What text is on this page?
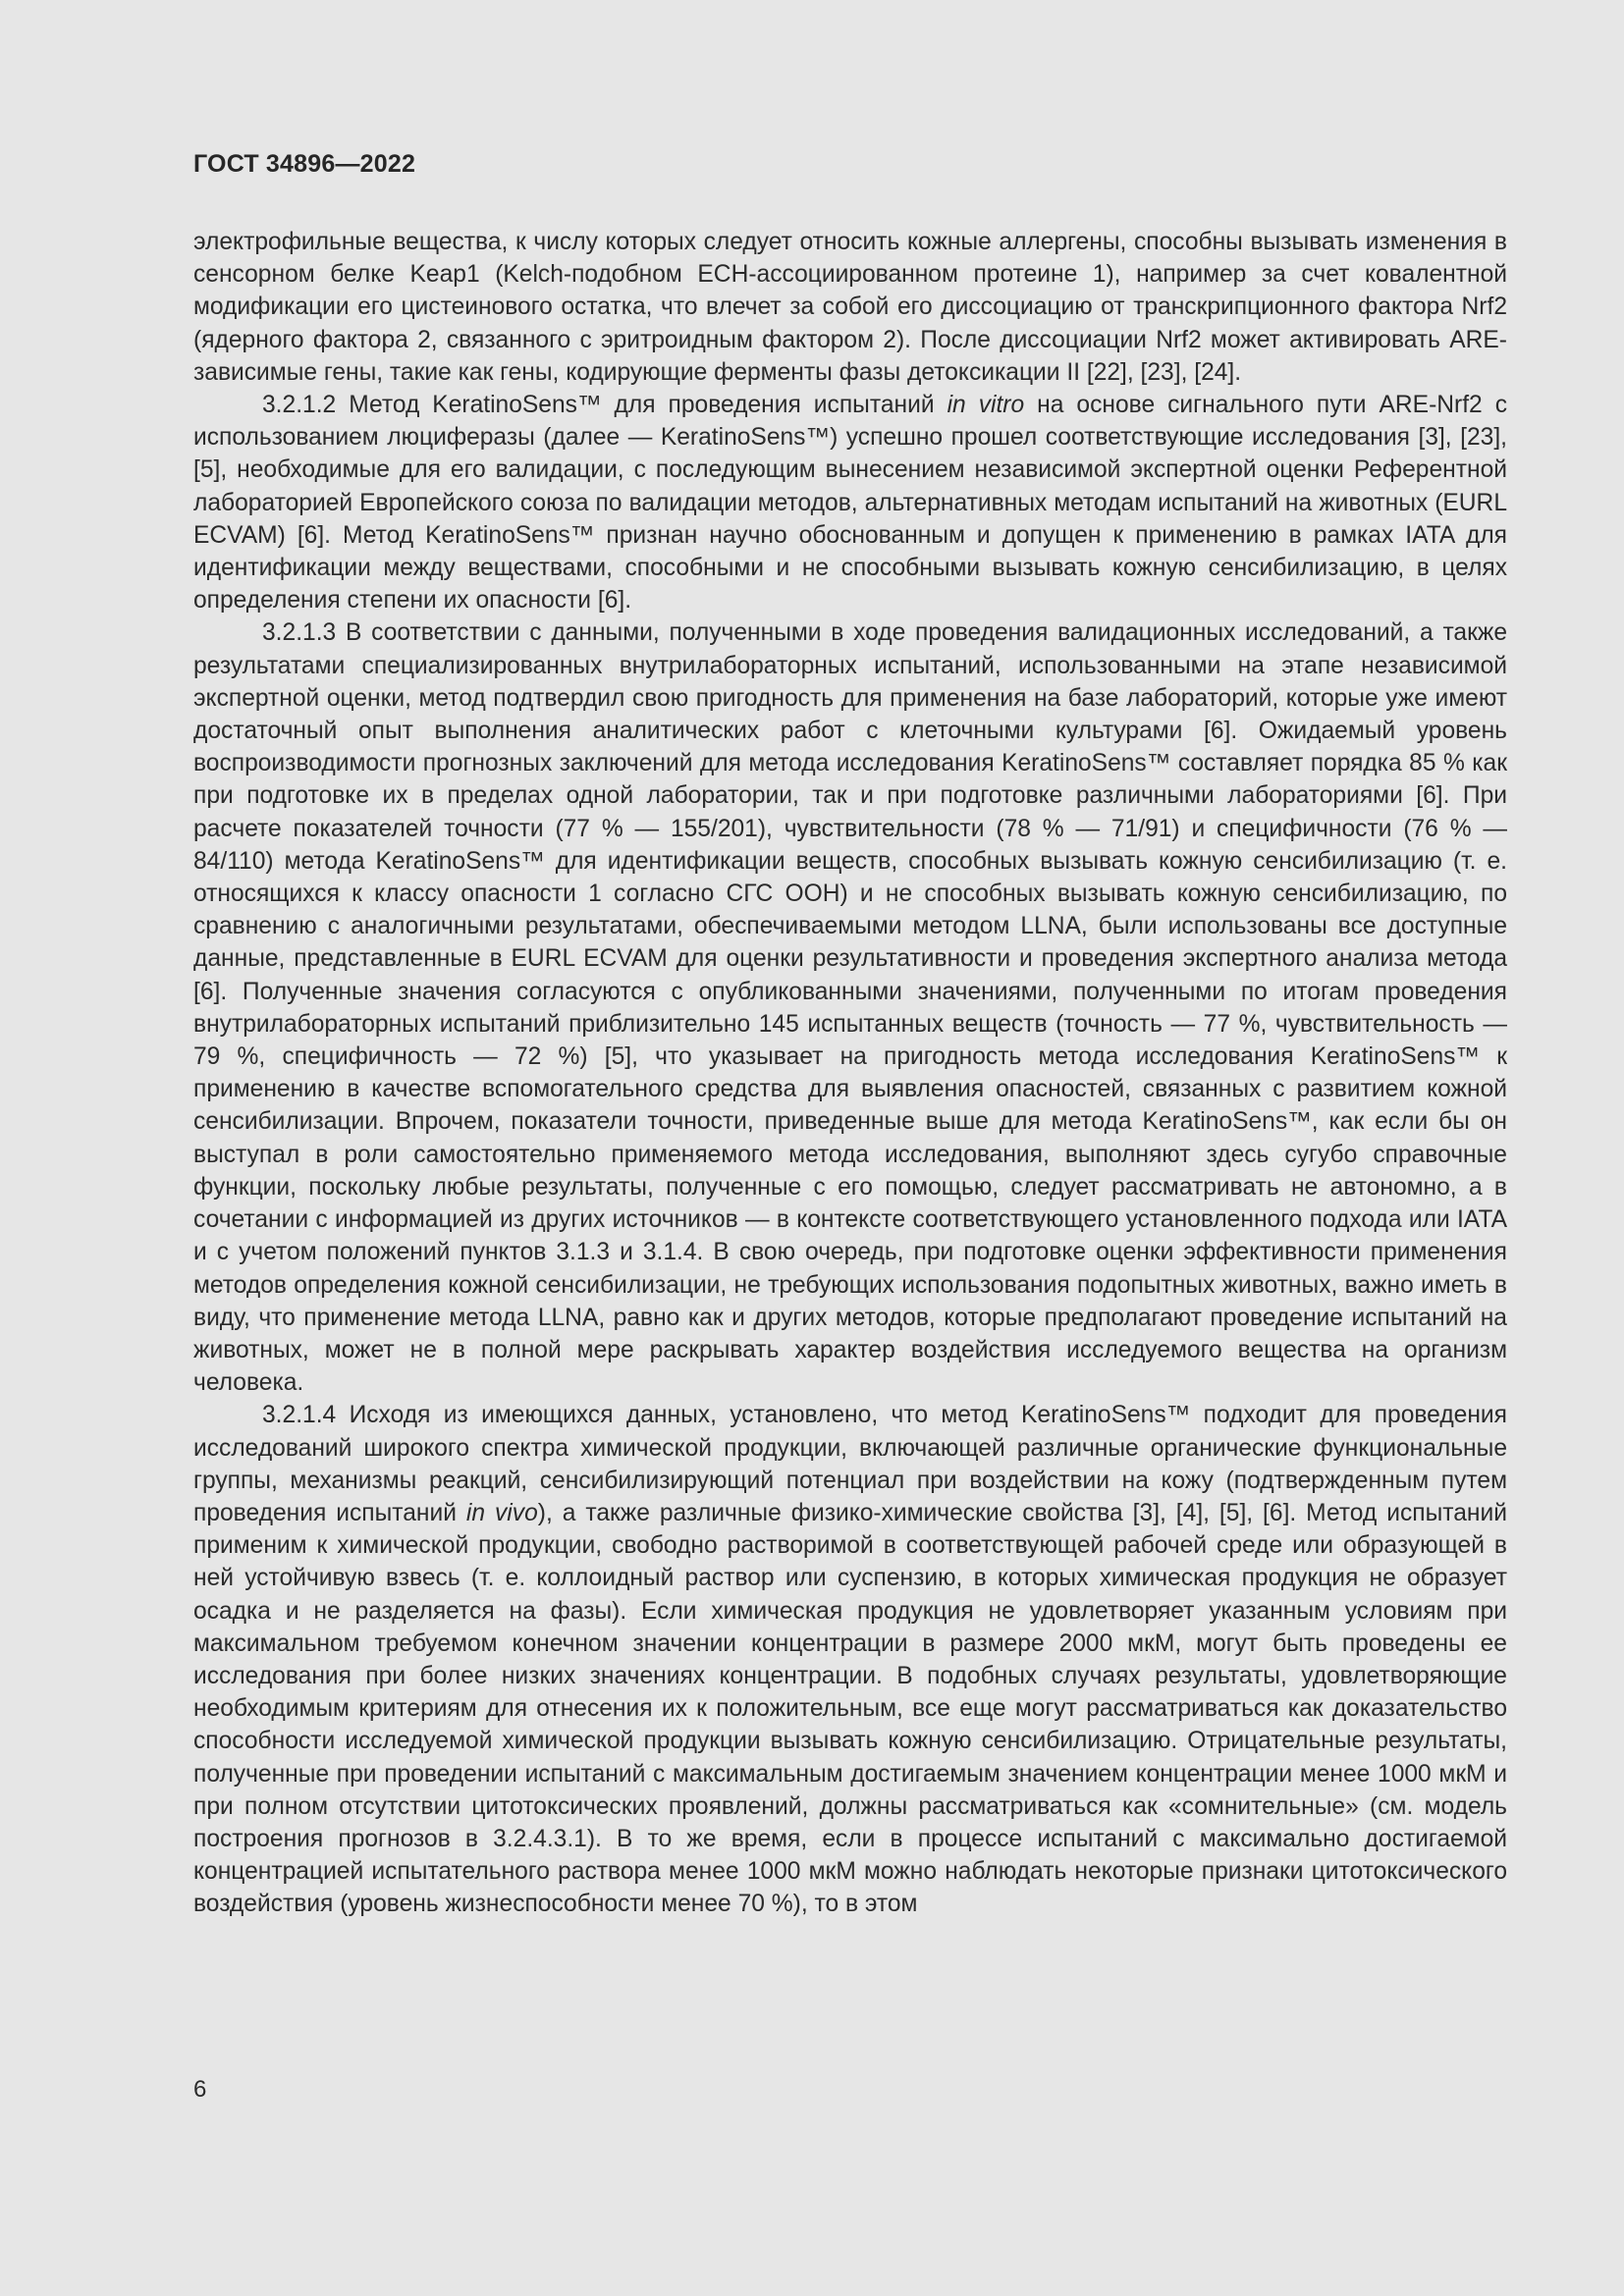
ГОСТ 34896—2022

электрофильные вещества, к числу которых следует относить кожные аллергены, способны вызывать изменения в сенсорном белке Keap1 (Kelch-подобном ECH-ассоциированном протеине 1), например за счет ковалентной модификации его цистеинового остатка, что влечет за собой его диссоциацию от транскрипционного фактора Nrf2 (ядерного фактора 2, связанного с эритроидным фактором 2). После диссоциации Nrf2 может активировать ARE-зависимые гены, такие как гены, кодирующие ферменты фазы детоксикации II [22], [23], [24].

3.2.1.2 Метод KeratinoSens™ для проведения испытаний in vitro на основе сигнального пути ARE-Nrf2 с использованием люциферазы (далее — KeratinoSens™) успешно прошел соответствующие исследования [3], [23], [5], необходимые для его валидации, с последующим вынесением независимой экспертной оценки Референтной лабораторией Европейского союза по валидации методов, альтернативных методам испытаний на животных (EURL ECVAM) [6]. Метод KeratinoSens™ признан научно обоснованным и допущен к применению в рамках IATA для идентификации между веществами, способными и не способными вызывать кожную сенсибилизацию, в целях определения степени их опасности [6].

3.2.1.3 В соответствии с данными, полученными в ходе проведения валидационных исследований, а также результатами специализированных внутрилабораторных испытаний, использованными на этапе независимой экспертной оценки, метод подтвердил свою пригодность для применения на базе лабораторий, которые уже имеют достаточный опыт выполнения аналитических работ с клеточными культурами [6]. Ожидаемый уровень воспроизводимости прогнозных заключений для метода исследования KeratinoSens™ составляет порядка 85 % как при подготовке их в пределах одной лаборатории, так и при подготовке различными лабораториями [6]. При расчете показателей точности (77 % — 155/201), чувствительности (78 % — 71/91) и специфичности (76 % — 84/110) метода KeratinoSens™ для идентификации веществ, способных вызывать кожную сенсибилизацию (т. е. относящихся к классу опасности 1 согласно СГС ООН) и не способных вызывать кожную сенсибилизацию, по сравнению с аналогичными результатами, обеспечиваемыми методом LLNA, были использованы все доступные данные, представленные в EURL ECVAM для оценки результативности и проведения экспертного анализа метода [6]. Полученные значения согласуются с опубликованными значениями, полученными по итогам проведения внутрилабораторных испытаний приблизительно 145 испытанных веществ (точность — 77 %, чувствительность — 79 %, специфичность — 72 %) [5], что указывает на пригодность метода исследования KeratinoSens™ к применению в качестве вспомогательного средства для выявления опасностей, связанных с развитием кожной сенсибилизации. Впрочем, показатели точности, приведенные выше для метода KeratinoSens™, как если бы он выступал в роли самостоятельно применяемого метода исследования, выполняют здесь сугубо справочные функции, поскольку любые результаты, полученные с его помощью, следует рассматривать не автономно, а в сочетании с информацией из других источников — в контексте соответствующего установленного подхода или IATA и с учетом положений пунктов 3.1.3 и 3.1.4. В свою очередь, при подготовке оценки эффективности применения методов определения кожной сенсибилизации, не требующих использования подопытных животных, важно иметь в виду, что применение метода LLNA, равно как и других методов, которые предполагают проведение испытаний на животных, может не в полной мере раскрывать характер воздействия исследуемого вещества на организм человека.

3.2.1.4 Исходя из имеющихся данных, установлено, что метод KeratinoSens™ подходит для проведения исследований широкого спектра химической продукции, включающей различные органические функциональные группы, механизмы реакций, сенсибилизирующий потенциал при воздействии на кожу (подтвержденным путем проведения испытаний in vivo), а также различные физико-химические свойства [3], [4], [5], [6]. Метод испытаний применим к химической продукции, свободно растворимой в соответствующей рабочей среде или образующей в ней устойчивую взвесь (т. е. коллоидный раствор или суспензию, в которых химическая продукция не образует осадка и не разделяется на фазы). Если химическая продукция не удовлетворяет указанным условиям при максимальном требуемом конечном значении концентрации в размере 2000 мкМ, могут быть проведены ее исследования при более низких значениях концентрации. В подобных случаях результаты, удовлетворяющие необходимым критериям для отнесения их к положительным, все еще могут рассматриваться как доказательство способности исследуемой химической продукции вызывать кожную сенсибилизацию. Отрицательные результаты, полученные при проведении испытаний с максимальным достигаемым значением концентрации менее 1000 мкМ и при полном отсутствии цитотоксических проявлений, должны рассматриваться как «сомнительные» (см. модель построения прогнозов в 3.2.4.3.1). В то же время, если в процессе испытаний с максимально достигаемой концентрацией испытательного раствора менее 1000 мкМ можно наблюдать некоторые признаки цитотоксического воздействия (уровень жизнеспособности менее 70 %), то в этом

6
